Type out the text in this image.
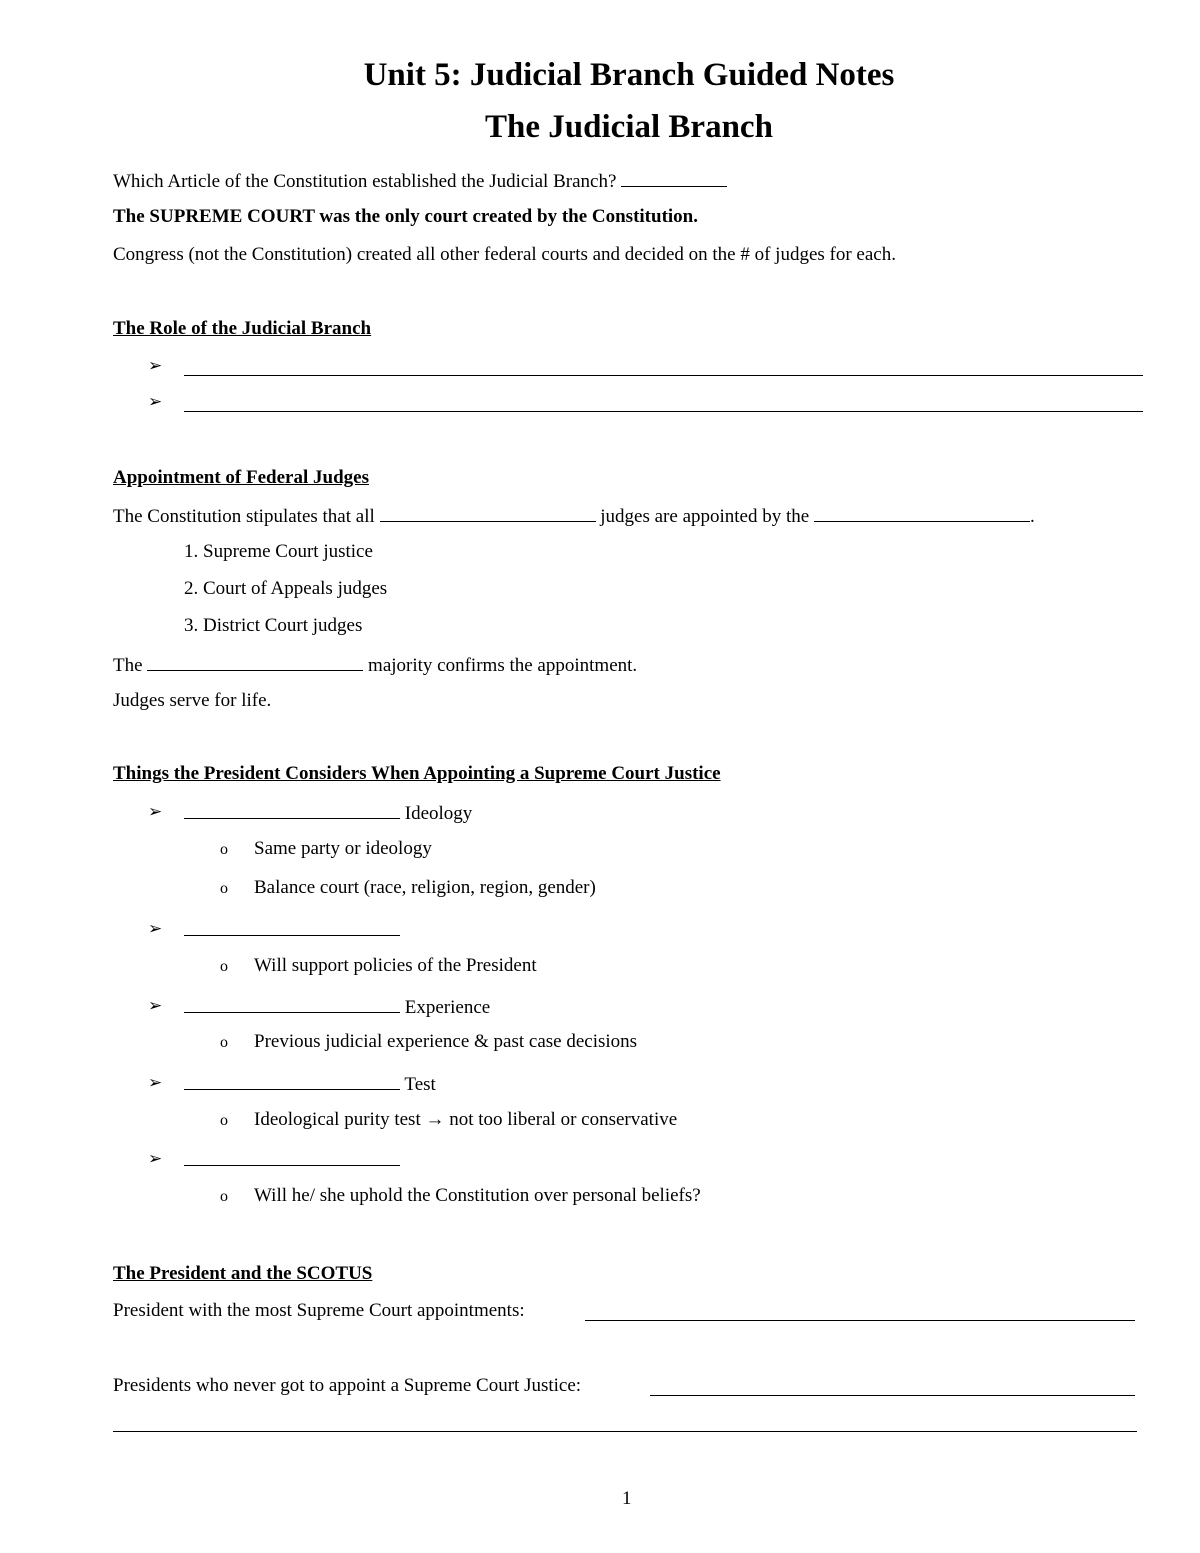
Unit 5: Judicial Branch Guided Notes
The Judicial Branch
Which Article of the Constitution established the Judicial Branch?
The SUPREME COURT was the only court created by the Constitution.
Congress (not the Constitution) created all other federal courts and decided on the # of judges for each.
The Role of the Judicial Branch
➢
➢
Appointment of Federal Judges
The Constitution stipulates that all	judges are appointed by the	.
1. Supreme Court justice
2. Court of Appeals judges
3. District Court judges
The	majority confirms the appointment.
Judges serve for life.
Things the President Considers When Appointing a Supreme Court Justice
➢	Ideology
o Same party or ideology
o Balance court (race, religion, region, gender)
➢
o Will support policies of the President
➢	Experience
o Previous judicial experience & past case decisions
➢	Test
o Ideological purity test → not too liberal or conservative
➢
o Will he/ she uphold the Constitution over personal beliefs?
The President and the SCOTUS
President with the most Supreme Court appointments:
Presidents who never got to appoint a Supreme Court Justice:
1
